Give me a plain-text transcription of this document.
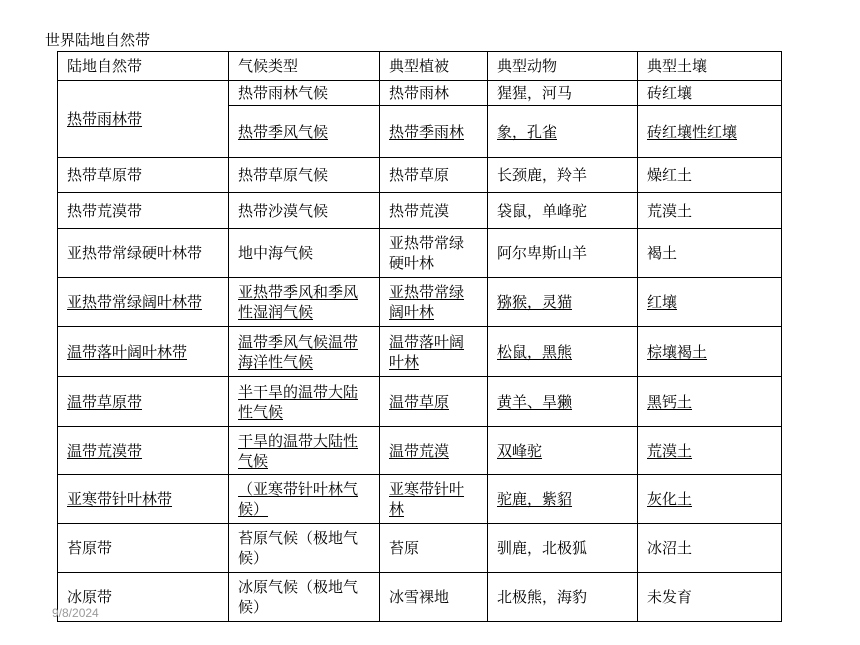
世界陆地自然带
陆地自然带	气候类型	典型植被	典型动物	典型土壤
热带雨林带	热带雨林气候	热带雨林	猩猩，河马	砖红壤
	热带季风气候	热带季雨林	象，孔雀	砖红壤性红壤
热带草原带	热带草原气候	热带草原	长颈鹿，羚羊	燥红土
热带荒漠带	热带沙漠气候	热带荒漠	袋鼠，单峰驼	荒漠土
亚热带常绿硬叶林带	地中海气候	亚热带常绿硬叶林	阿尔卑斯山羊	褐土
亚热带常绿阔叶林带	亚热带季风和季风性湿润气候	亚热带常绿阔叶林	猕猴，灵猫	红壤
温带落叶阔叶林带	温带季风气候温带海洋性气候	温带落叶阔叶林	松鼠，黑熊	棕壤褐土
温带草原带	半干旱的温带大陆性气候	温带草原	黄羊、旱獭	黑钙土
温带荒漠带	干旱的温带大陆性气候	温带荒漠	双峰驼	荒漠土
亚寒带针叶林带	（亚寒带针叶林气候）	亚寒带针叶林	驼鹿，紫貂	灰化土
苔原带	苔原气候（极地气候）	苔原	驯鹿，北极狐	冰沼土
冰原带	冰原气候（极地气候）	冰雪裸地	北极熊，海豹	未发育
9/8/2024
